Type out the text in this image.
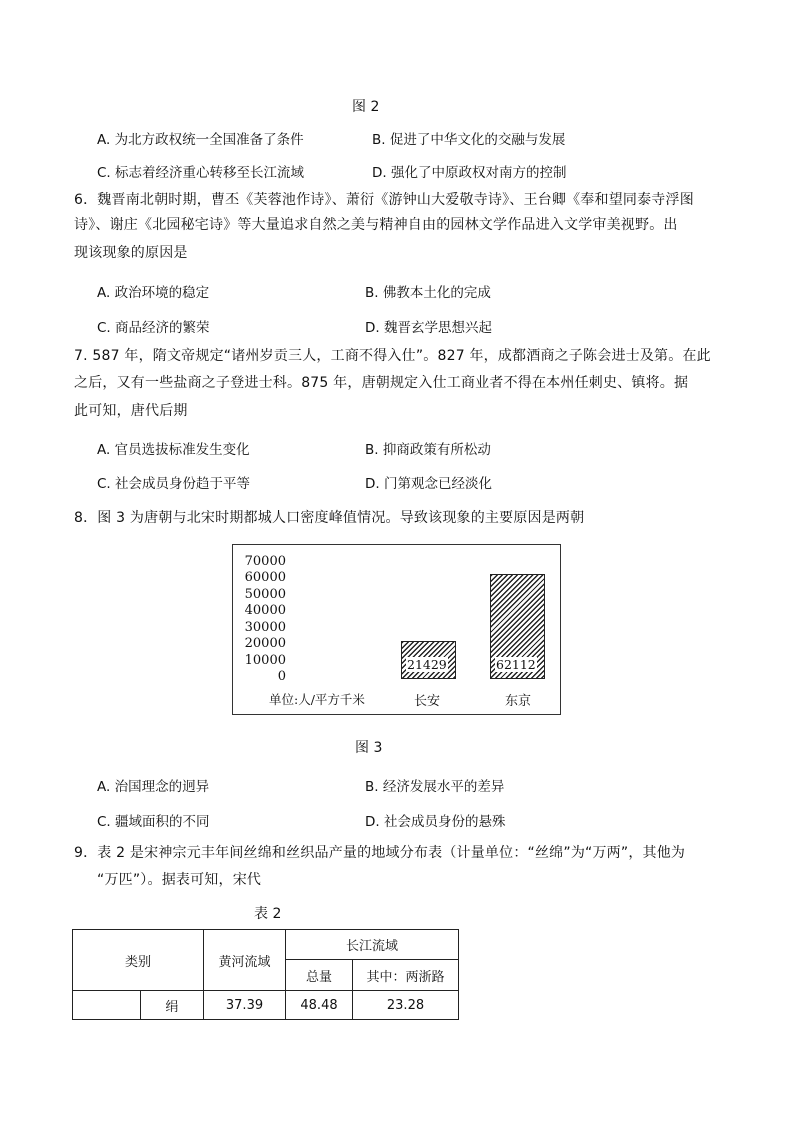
图 2
A. 为北方政权统一全国准备了条件	B. 促进了中华文化的交融与发展
C. 标志着经济重心转移至长江流域	D. 强化了中原政权对南方的控制
6．魏晋南北朝时期，曹丕《芙蓉池作诗》、萧衍《游钟山大爱敬寺诗》、王台卿《奉和望同泰寺浮图
诗》、谢庄《北园秘宅诗》等大量追求自然之美与精神自由的园林文学作品进入文学审美视野。出
现该现象的原因是
A. 政治环境的稳定	B. 佛教本土化的完成
C. 商品经济的繁荣	D. 魏晋玄学思想兴起
7. 587 年，隋文帝规定“诸州岁贡三人，工商不得入仕”。827 年，成都酒商之子陈会进士及第。在此
之后，又有一些盐商之子登进士科。875 年，唐朝规定入仕工商业者不得在本州任刺史、镇将。据
此可知，唐代后期
A. 官员选拔标准发生变化	B. 抑商政策有所松动
C. 社会成员身份趋于平等	D. 门第观念已经淡化
8．图 3 为唐朝与北宋时期都城人口密度峰值情况。导致该现象的主要原因是两朝
70000
60000
50000
40000
30000
20000
10000
0
21429	62112
单位:人/平方千米	长安	东京
图 3
A. 治国理念的迥异	B. 经济发展水平的差异
C. 疆域面积的不同	D. 社会成员身份的悬殊
9．表 2 是宋神宗元丰年间丝绵和丝织品产量的地域分布表（计量单位：“丝绵”为“万两”，其他为
“万匹”）。据表可知，宋代
表 2
类别		黄河流域	长江流域	
			总量	其中：两浙路
	绢	37.39	48.48	23.28
